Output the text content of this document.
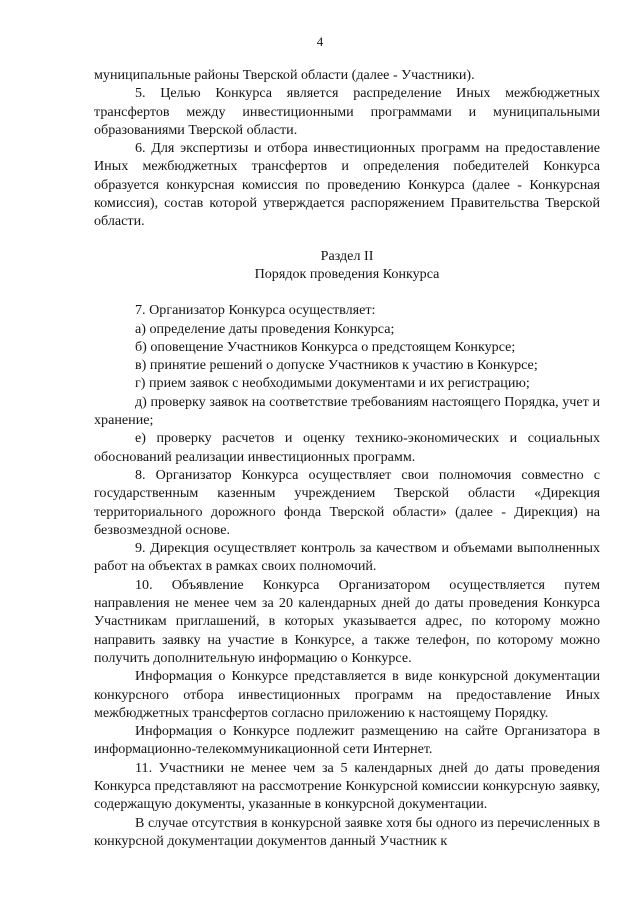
4

муниципальные районы Тверской области (далее - Участники).

5. Целью Конкурса является распределение Иных межбюджетных трансфертов между инвестиционными программами и муниципальными образованиями Тверской области.

6. Для экспертизы и отбора инвестиционных программ на предоставление Иных межбюджетных трансфертов и определения победителей Конкурса образуется конкурсная комиссия по проведению Конкурса (далее - Конкурсная комиссия), состав которой утверждается распоряжением Правительства Тверской области.

Раздел II
Порядок проведения Конкурса

7. Организатор Конкурса осуществляет:

а) определение даты проведения Конкурса;

б) оповещение Участников Конкурса о предстоящем Конкурсе;

в) принятие решений о допуске Участников к участию в Конкурсе;

г) прием заявок с необходимыми документами и их регистрацию;

д) проверку заявок на соответствие требованиям настоящего Порядка, учет и хранение;

е) проверку расчетов и оценку технико-экономических и социальных обоснований реализации инвестиционных программ.

8. Организатор Конкурса осуществляет свои полномочия совместно с государственным казенным учреждением Тверской области «Дирекция территориального дорожного фонда Тверской области» (далее - Дирекция) на безвозмездной основе.

9. Дирекция осуществляет контроль за качеством и объемами выполненных работ на объектах в рамках своих полномочий.

10. Объявление Конкурса Организатором осуществляется путем направления не менее чем за 20 календарных дней до даты проведения Конкурса Участникам приглашений, в которых указывается адрес, по которому можно направить заявку на участие в Конкурсе, а также телефон, по которому можно получить дополнительную информацию о Конкурсе.

Информация о Конкурсе представляется в виде конкурсной документации конкурсного отбора инвестиционных программ на предоставление Иных межбюджетных трансфертов согласно приложению к настоящему Порядку.

Информация о Конкурсе подлежит размещению на сайте Организатора в информационно-телекоммуникационной сети Интернет.

11. Участники не менее чем за 5 календарных дней до даты проведения Конкурса представляют на рассмотрение Конкурсной комиссии конкурсную заявку, содержащую документы, указанные в конкурсной документации.

В случае отсутствия в конкурсной заявке хотя бы одного из перечисленных в конкурсной документации документов данный Участник к
